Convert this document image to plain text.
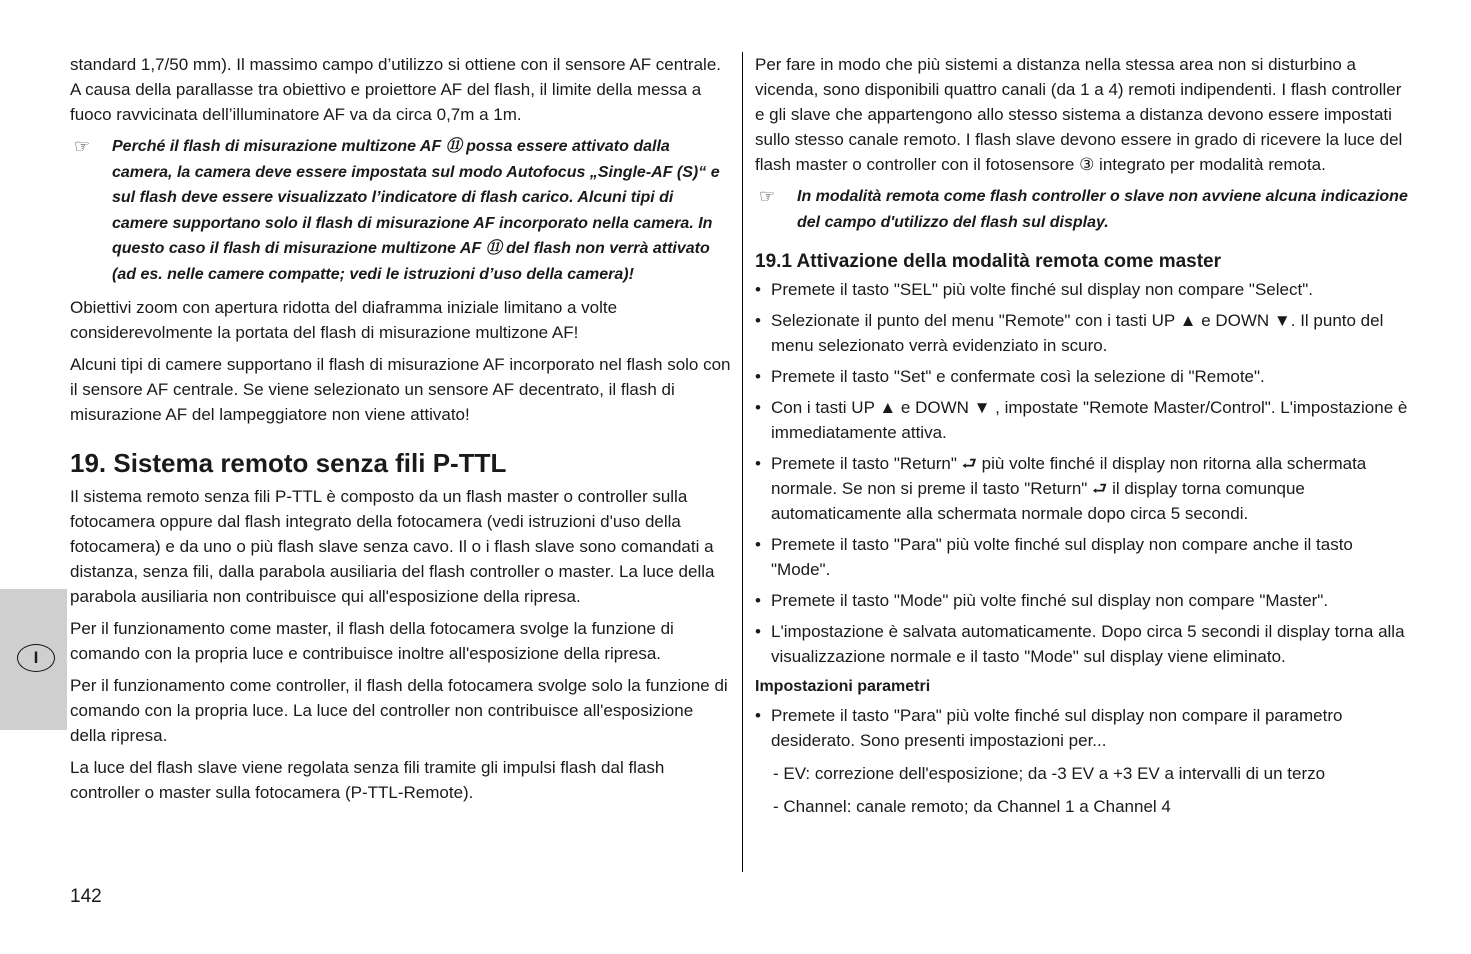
standard 1,7/50 mm). Il massimo campo d’utilizzo si ottiene con il sensore AF centrale. A causa della parallasse tra obiettivo e proiettore AF del flash, il limite della messa a fuoco ravvicinata dell’illuminatore AF va da circa 0,7m a 1m.

☞	Perché il flash di misurazione multizone AF ⑪ possa essere attivato dalla camera, la camera deve essere impostata sul modo Autofocus „Single-AF (S)“ e sul flash deve essere visualizzato l’indicatore di flash carico. Alcuni tipi di camere supportano solo il flash di misurazione AF incorporato nella camera. In questo caso il flash di misurazione multizone AF ⑪ del flash non verrà attivato (ad es. nelle camere compatte; vedi le istruzioni d’uso della camera)!

Obiettivi zoom con apertura ridotta del diaframma iniziale limitano a volte considerevolmente la portata del flash di misurazione multizone AF!

Alcuni tipi di camere supportano il flash di misurazione AF incorporato nel flash solo con il sensore AF centrale. Se viene selezionato un sensore AF decentrato, il flash di misurazione AF del lampeggiatore non viene attivato!

19. Sistema remoto senza fili P-TTL

Il sistema remoto senza fili P-TTL è composto da un flash master o controller sulla fotocamera oppure dal flash integrato della fotocamera (vedi istruzioni d'uso della fotocamera) e da uno o più flash slave senza cavo. Il o i flash slave sono comandati a distanza, senza fili, dalla parabola ausiliaria del flash controller o master. La luce della parabola ausiliaria non contribuisce qui all'esposizione della ripresa.

Per il funzionamento come master, il flash della fotocamera svolge la funzione di comando con la propria luce e contribuisce inoltre all'esposizione della ripresa.

Per il funzionamento come controller, il flash della fotocamera svolge solo la funzione di comando con la propria luce. La luce del controller non contribuisce all'esposizione della ripresa.

La luce del flash slave viene regolata senza fili tramite gli impulsi flash dal flash controller o master sulla fotocamera (P-TTL-Remote).

Per fare in modo che più sistemi a distanza nella stessa area non si disturbino a vicenda, sono disponibili quattro canali (da 1 a 4) remoti indipendenti. I flash controller e gli slave che appartengono allo stesso sistema a distanza devono essere impostati sullo stesso canale remoto. I flash slave devono essere in grado di ricevere la luce del flash master o controller con il fotosensore ③ integrato per modalità remota.

☞	In modalità remota come flash controller o slave non avviene alcuna indicazione del campo d'utilizzo del flash sul display.
19.1 Attivazione della modalità remota come master
• Premete il tasto "SEL" più volte finché sul display non compare "Select".
• Selezionate il punto del menu "Remote" con i tasti UP ▲ e DOWN ▼. Il punto del menu selezionato verrà evidenziato in scuro.
• Premete il tasto "Set" e confermate così la selezione di "Remote".
• Con i tasti UP ▲ e DOWN ▼ , impostate "Remote Master/Control". L'impostazione è immediatamente attiva.
• Premete il tasto "Return" ⮐ più volte finché il display non ritorna alla schermata normale. Se non si preme il tasto "Return" ⮐ il display torna comunque automaticamente alla schermata normale dopo circa 5 secondi.
• Premete il tasto "Para" più volte finché sul display non compare anche il tasto "Mode".
• Premete il tasto "Mode" più volte finché sul display non compare "Master".
• L'impostazione è salvata automaticamente. Dopo circa 5 secondi il display torna alla visualizzazione normale e il tasto "Mode" sul display viene eliminato.
Impostazioni parametri
• Premete il tasto "Para" più volte finché sul display non compare il parametro desiderato. Sono presenti impostazioni per...
- EV: correzione dell'esposizione; da -3 EV a +3 EV a intervalli di un terzo
- Channel: canale remoto; da Channel 1 a Channel 4
I
142
